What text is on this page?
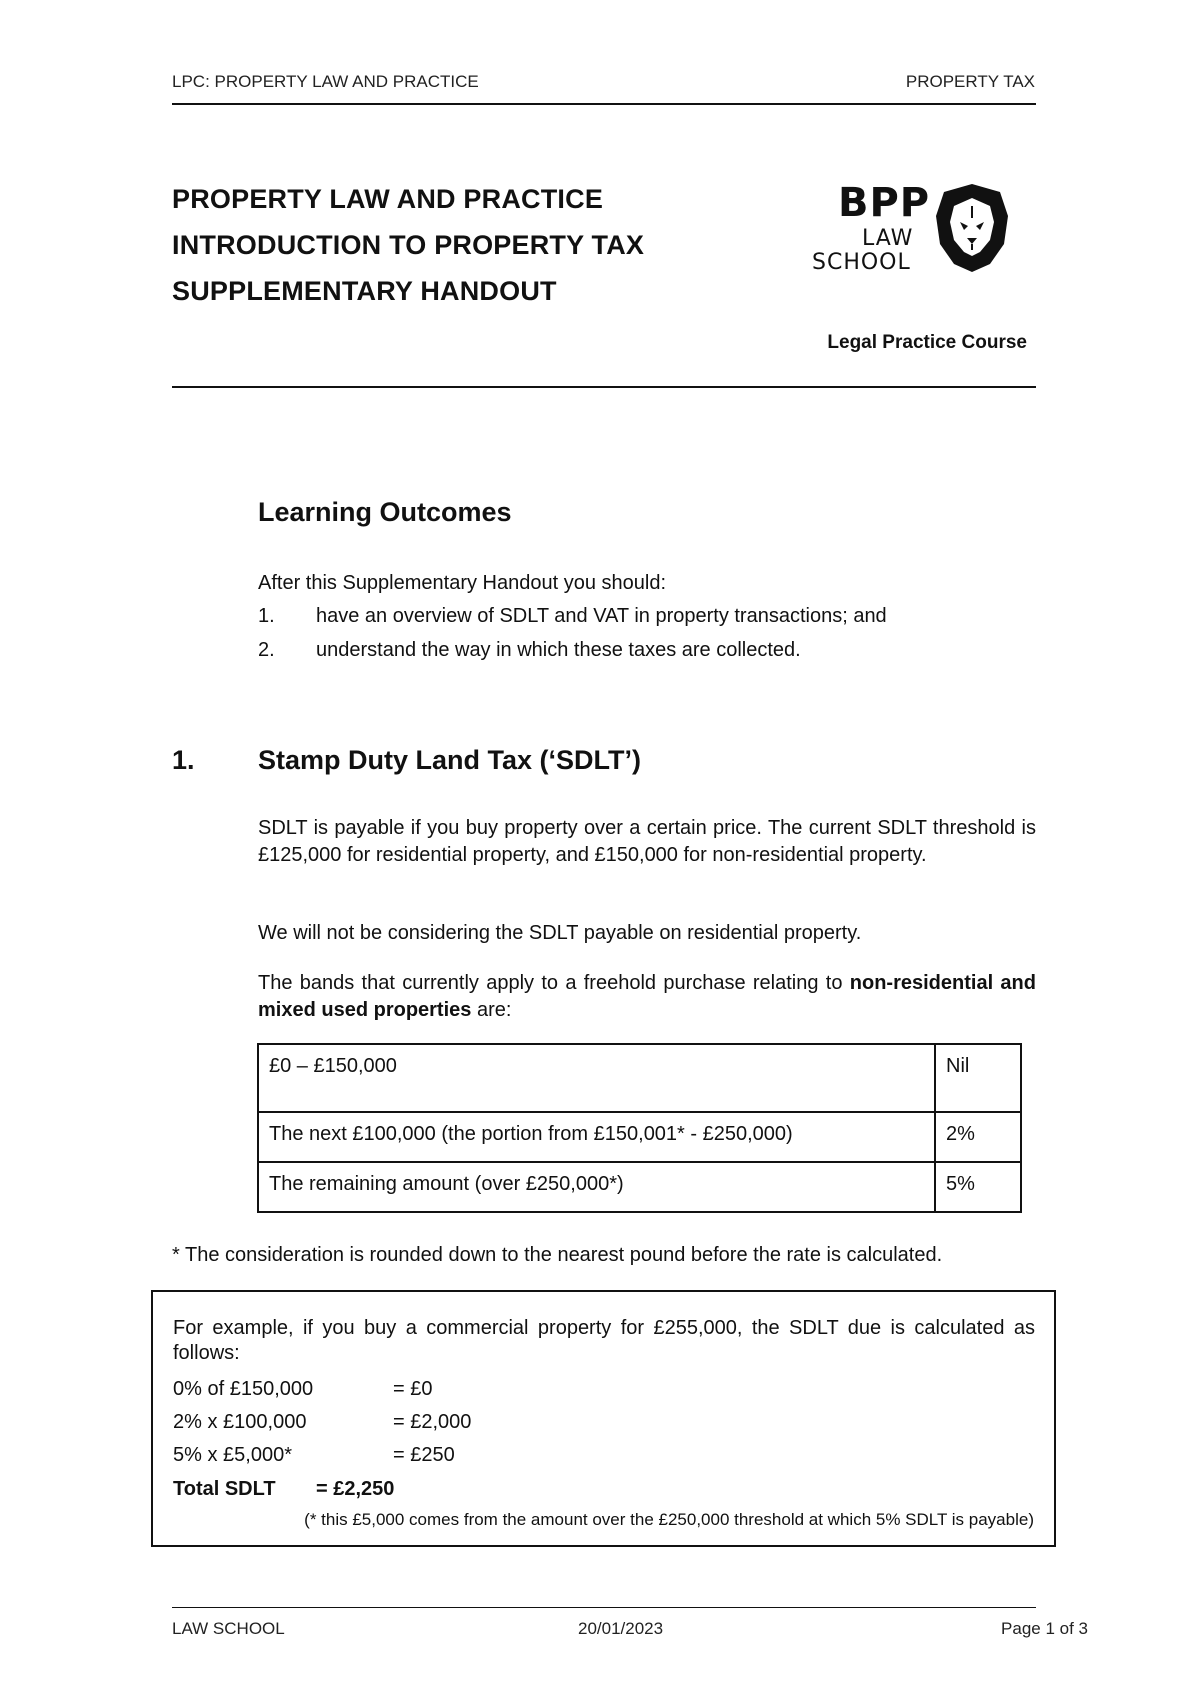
LPC: PROPERTY LAW AND PRACTICE	PROPERTY TAX
PROPERTY LAW AND PRACTICE
INTRODUCTION TO PROPERTY TAX
SUPPLEMENTARY HANDOUT
BPP
LAW
SCHOOL
Legal Practice Course
Learning Outcomes
After this Supplementary Handout you should:
1. have an overview of SDLT and VAT in property transactions; and
2. understand the way in which these taxes are collected.
1. Stamp Duty Land Tax (‘SDLT’)
SDLT is payable if you buy property over a certain price. The current SDLT threshold is £125,000 for residential property, and £150,000 for non-residential property.
We will not be considering the SDLT payable on residential property.
The bands that currently apply to a freehold purchase relating to non-residential and mixed used properties are:
£0 – £150,000	Nil
The next £100,000 (the portion from £150,001* - £250,000)	2%
The remaining amount (over £250,000*)	5%
* The consideration is rounded down to the nearest pound before the rate is calculated.
For example, if you buy a commercial property for £255,000, the SDLT due is calculated as follows:
0% of £150,000	= £0
2% x £100,000	= £2,000
5% x £5,000*	= £250
Total SDLT = £2,250
(* this £5,000 comes from the amount over the £250,000 threshold at which 5% SDLT is payable)
LAW SCHOOL	20/01/2023	Page 1 of 3
